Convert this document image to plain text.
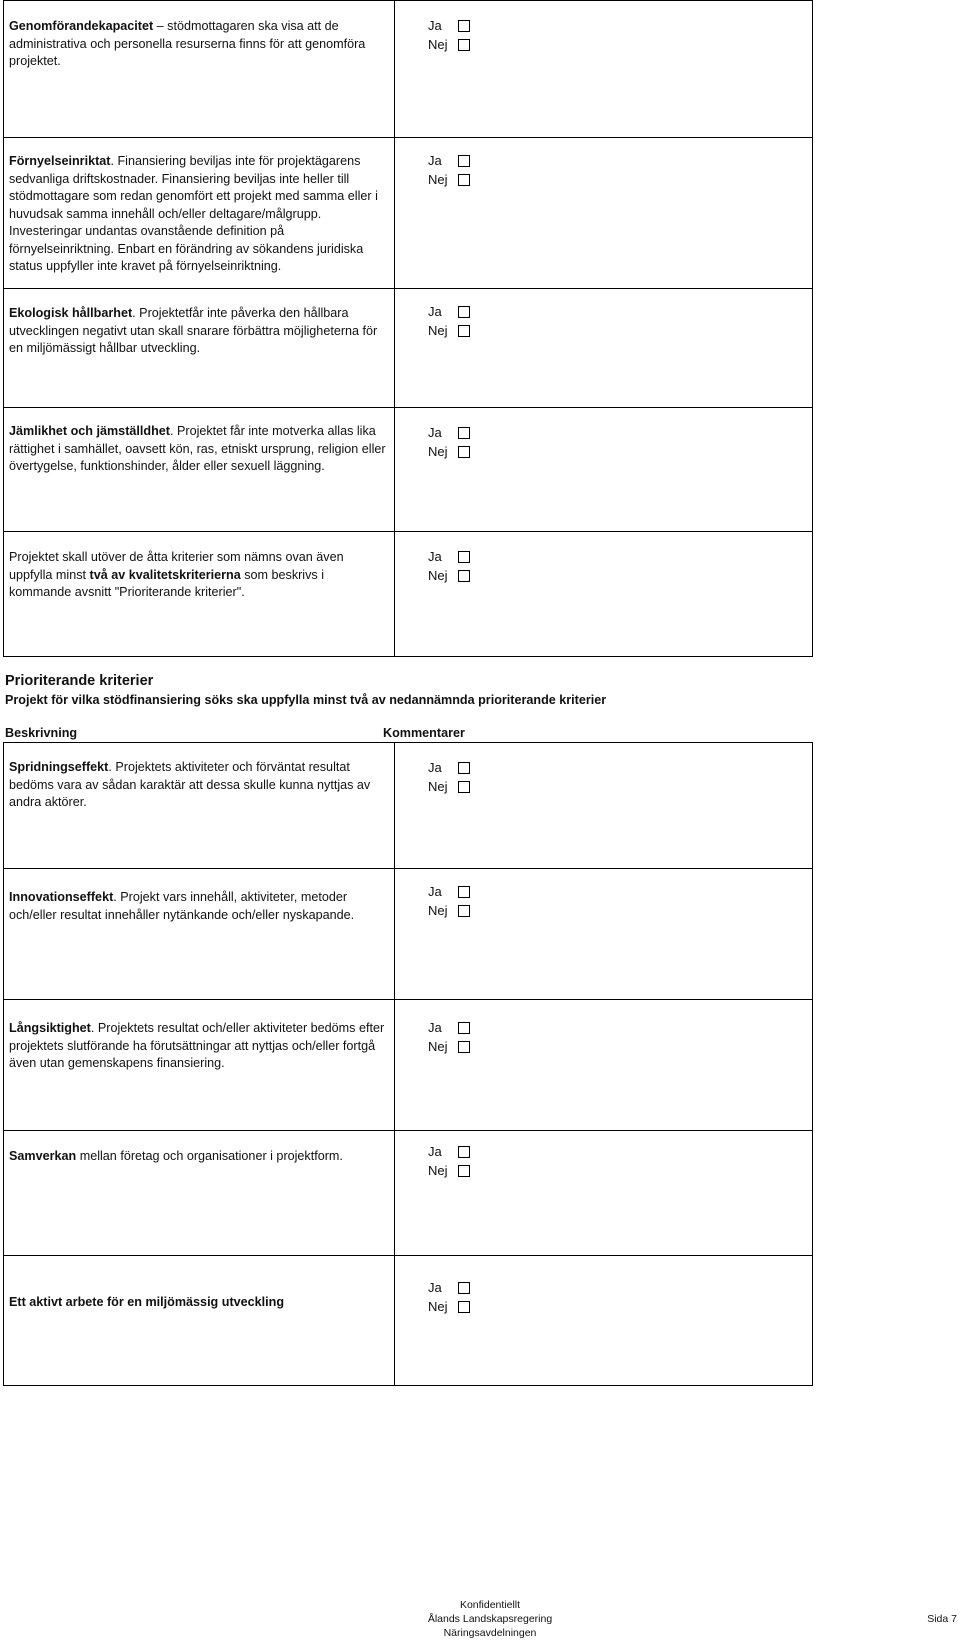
Genomförandekapacitet – stödmottagaren ska visa att de administrativa och personella resurserna finns för att genomföra projektet.	Ja
Nej

Förnyelseinriktat. Finansiering beviljas inte för projektägarens sedvanliga driftskostnader. Finansiering beviljas inte heller till stödmottagare som redan genomfört ett projekt med samma eller i huvudsak samma innehåll och/eller deltagare/målgrupp. Investeringar undantas ovanstående definition på förnyelseinriktning. Enbart en förändring av sökandens juridiska status uppfyller inte kravet på förnyelseinriktning.	Ja
Nej

Ekologisk hållbarhet. Projektetfår inte påverka den hållbara utvecklingen negativt utan skall snarare förbättra möjligheterna för en miljömässigt hållbar utveckling.	Ja
Nej

Jämlikhet och jämställdhet. Projektet får inte motverka allas lika rättighet i samhället, oavsett kön, ras, etniskt ursprung, religion eller övertygelse, funktionshinder, ålder eller sexuell läggning.	Ja
Nej

Projektet skall utöver de åtta kriterier som nämns ovan även uppfylla minst två av kvalitetskriterierna som beskrivs i kommande avsnitt "Prioriterande kriterier".	Ja
Nej
Prioriterande kriterier
Projekt för vilka stödfinansiering söks ska uppfylla minst två av nedannämnda prioriterande kriterier
Beskrivning	Kommentarer
Spridningseffekt. Projektets aktiviteter och förväntat resultat bedöms vara av sådan karaktär att dessa skulle kunna nyttjas av andra aktörer.	Ja
Nej

Innovationseffekt. Projekt vars innehåll, aktiviteter, metoder och/eller resultat innehåller nytänkande och/eller nyskapande.	Ja
Nej

Långsiktighet. Projektets resultat och/eller aktiviteter bedöms efter projektets slutförande ha förutsättningar att nyttjas och/eller fortgå även utan gemenskapens finansiering.	Ja
Nej

Samverkan mellan företag och organisationer i projektform.	Ja
Nej

Ett aktivt arbete för en miljömässig utveckling	Ja
Nej
Konfidentiellt
Ålands Landskapsregering
Näringsavdelningen
Sida 7
